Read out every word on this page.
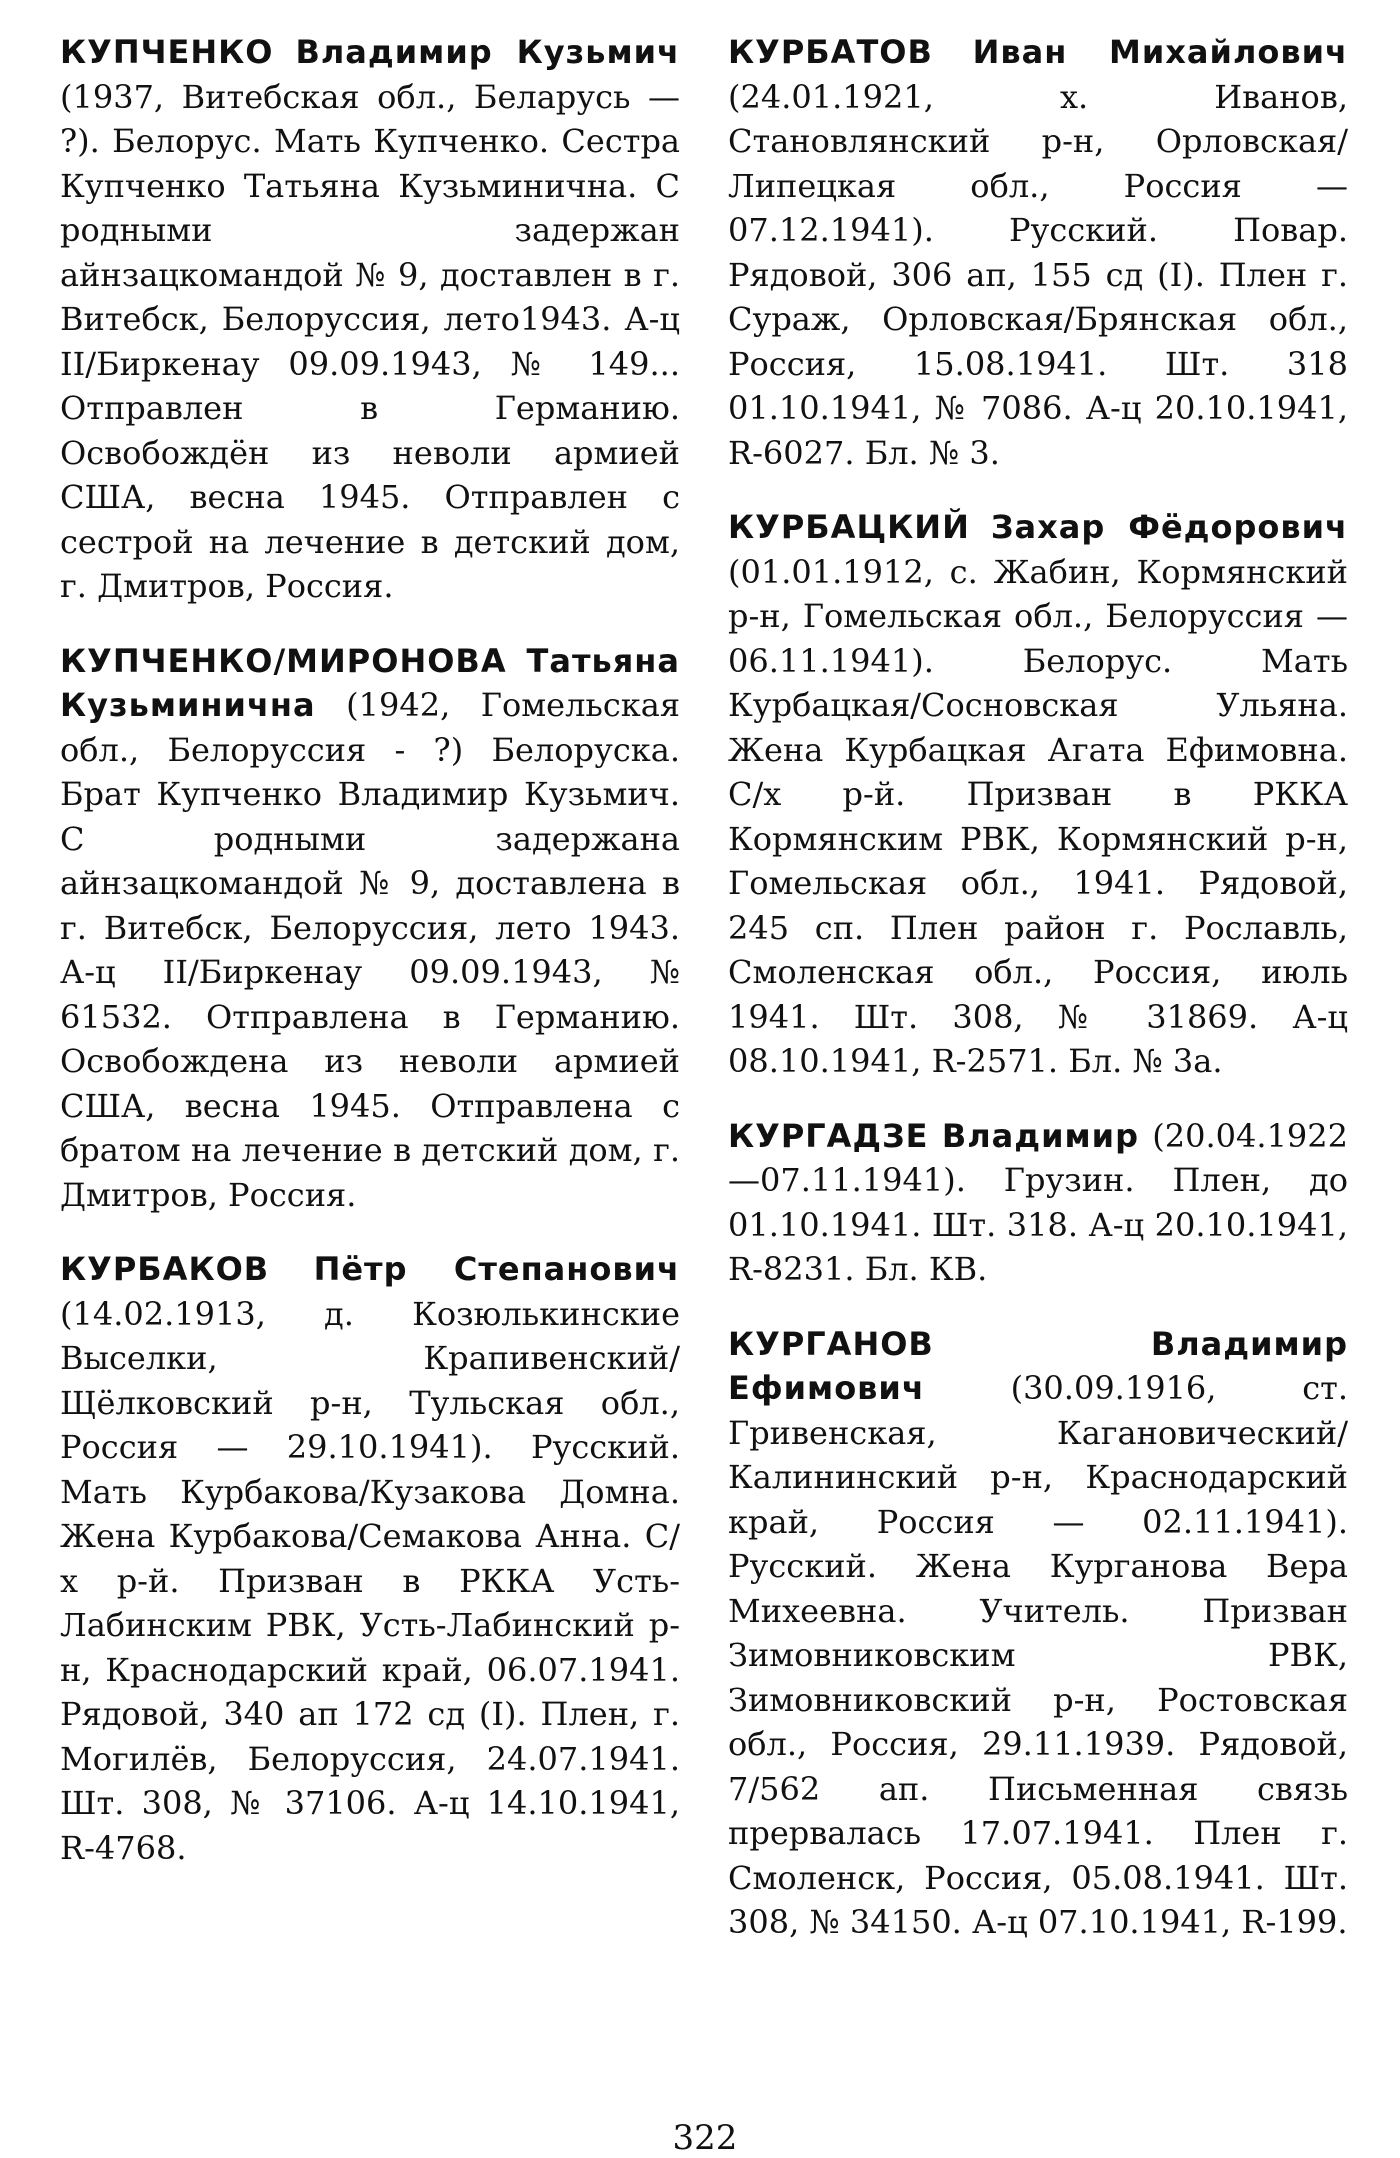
КУПЧЕНКО Владимир Кузьмич (1937, Витебская обл., Беларусь — ?). Белорус. Мать Купченко. Сестра Купченко Татьяна Кузьминична. С родными задержан айнзацкомандой № 9, доставлен в г. Витебск, Белоруссия, лето1943. А-ц II/Биркенау 09.09.1943, № 149... Отправлен в Германию. Освобождён из неволи армией США, весна 1945. Отправлен с сестрой на лечение в детский дом, г. Дмитров, Россия.

КУПЧЕНКО/МИРОНОВА Татьяна Кузьминична (1942, Гомельская обл., Белоруссия - ?) Белоруска. Брат Купченко Владимир Кузьмич. С родными задержана айнзацкомандой № 9, доставлена в г. Витебск, Белоруссия, лето 1943. А-ц II/Биркенау 09.09.1943, № 61532. Отправлена в Германию. Освобождена из неволи армией США, весна 1945. Отправлена с братом на лечение в детский дом, г. Дмитров, Россия.

КУРБАКОВ Пётр Степанович (14.02.1913, д. Козюлькинские Выселки, Крапивенский/Щёлковский р-н, Тульская обл., Россия — 29.10.1941). Русский. Мать Курбакова/Кузакова Домна. Жена Курбакова/Семакова Анна. С/х р-й. Призван в РККА Усть-Лабинским РВК, Усть-Лабинский р-н, Краснодарский край, 06.07.1941. Рядовой, 340 ап 172 сд (I). Плен, г. Могилёв, Белоруссия, 24.07.1941. Шт. 308, № 37106. А-ц 14.10.1941, R-4768.

КУРБАТОВ Иван Михайлович (24.01.1921, х. Иванов, Становлянский р-н, Орловская/Липецкая обл., Россия — 07.12.1941). Русский. Повар. Рядовой, 306 ап, 155 сд (I). Плен г. Сураж, Орловская/Брянская обл., Россия, 15.08.1941. Шт. 318 01.10.1941, № 7086. А-ц 20.10.1941, R-6027. Бл. № 3.

КУРБАЦКИЙ Захар Фёдорович (01.01.1912, с. Жабин, Кормянский р-н, Гомельская обл., Белоруссия — 06.11.1941). Белорус. Мать Курбацкая/Сосновская Ульяна. Жена Курбацкая Агата Ефимовна. С/х р-й. Призван в РККА Кормянским РВК, Кормянский р-н, Гомельская обл., 1941. Рядовой, 245 сп. Плен район г. Рославль, Смоленская обл., Россия, июль 1941. Шт. 308, № 31869. А-ц 08.10.1941, R-2571. Бл. № 3а.

КУРГАДЗЕ Владимир (20.04.1922—07.11.1941). Грузин. Плен, до 01.10.1941. Шт. 318. А-ц 20.10.1941, R-8231. Бл. КВ.

КУРГАНОВ	Владимир Ефимович	(30.09.1916, ст. Гривенская, Кагановический/Калининский р-н, Краснодарский край, Россия — 02.11.1941). Русский. Жена Курганова Вера Михеевна. Учитель. Призван Зимовниковским РВК, Зимовниковский р-н, Ростовская обл., Россия, 29.11.1939. Рядовой, 7/562 ап. Письменная связь прервалась 17.07.1941. Плен г. Смоленск, Россия, 05.08.1941. Шт. 308, № 34150. А-ц 07.10.1941, R-199.

322
